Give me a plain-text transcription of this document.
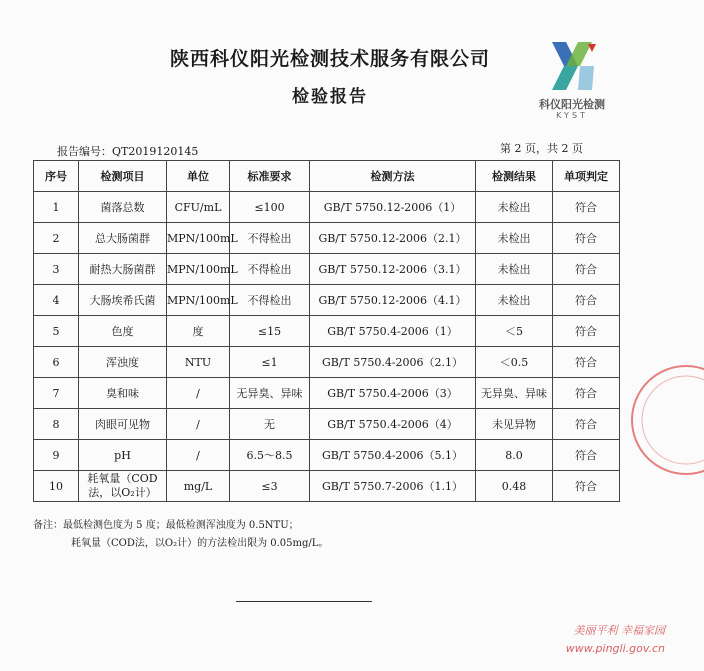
陕西科仪阳光检测技术服务有限公司
检验报告	科仪阳光检测
KYST
报告编号：QT2019120145	第 2 页，共 2 页
序号	检测项目	单位	标准要求	检测方法	检测结果	单项判定
1	菌落总数	CFU/mL	≤100	GB/T 5750.12-2006（1）	未检出	符合
2	总大肠菌群	MPN/100mL	不得检出	GB/T 5750.12-2006（2.1）	未检出	符合
3	耐热大肠菌群	MPN/100mL	不得检出	GB/T 5750.12-2006（3.1）	未检出	符合
4	大肠埃希氏菌	MPN/100mL	不得检出	GB/T 5750.12-2006（4.1）	未检出	符合
5	色度	度	≤15	GB/T 5750.4-2006（1）	＜5	符合
6	浑浊度	NTU	≤1	GB/T 5750.4-2006（2.1）	＜0.5	符合
7	臭和味	/	无异臭、异味	GB/T 5750.4-2006（3）	无异臭、异味	符合
8	肉眼可见物	/	无	GB/T 5750.4-2006（4）	未见异物	符合
9	pH	/	6.5～8.5	GB/T 5750.4-2006（5.1）	8.0	符合
10	耗氧量（COD法，以O₂计）	mg/L	≤3	GB/T 5750.7-2006（1.1）	0.48	符合
备注：最低检测色度为 5 度；最低检测浑浊度为 0.5NTU；
耗氧量（COD法，以O₂计）的方法检出限为 0.05mg/L。
美丽平利 幸福家园
www.pingli.gov.cn
